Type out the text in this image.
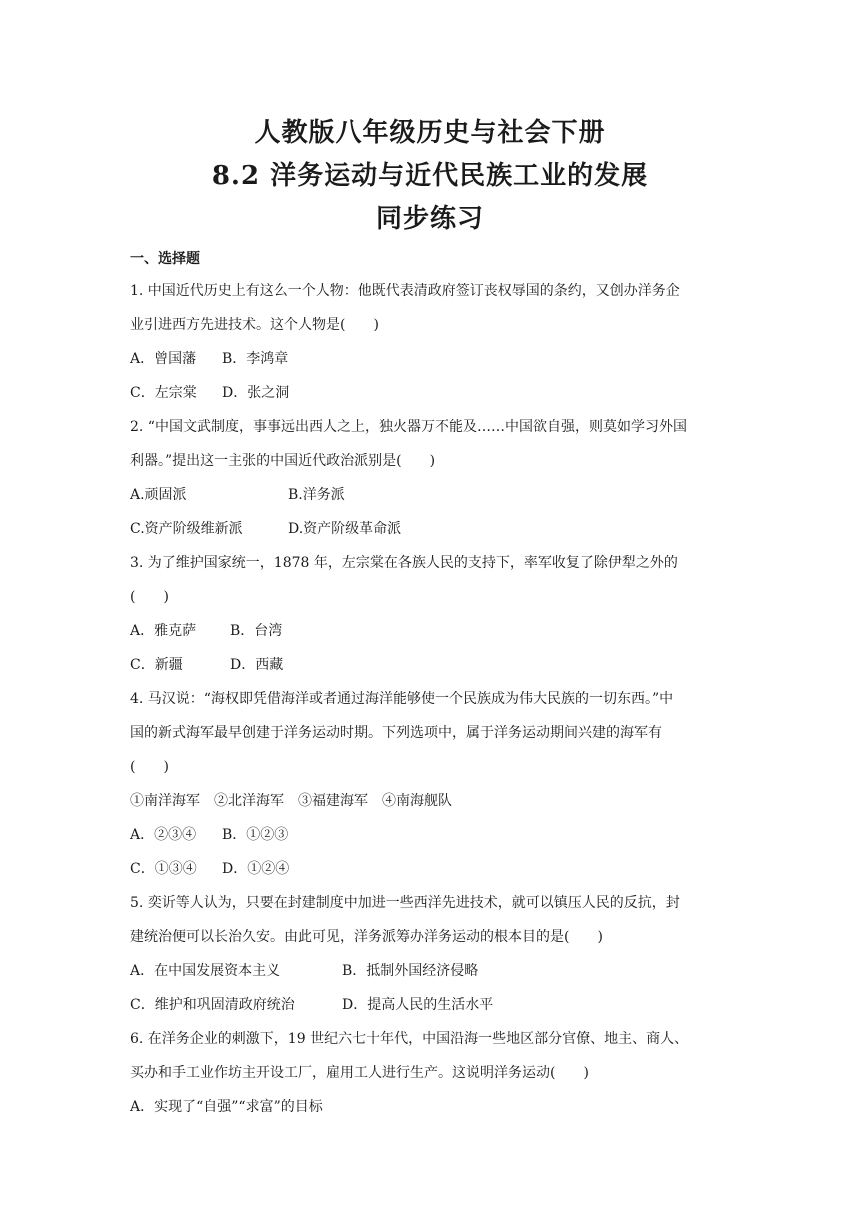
人教版八年级历史与社会下册
8.2 洋务运动与近代民族工业的发展
同步练习
一、选择题
1. 中国近代历史上有这么一个人物：他既代表清政府签订丧权辱国的条约，又创办洋务企
业引进西方先进技术。这个人物是(　　)
A．曾国藩 B．李鸿章
C．左宗棠 D．张之洞
2. “中国文武制度，事事远出西人之上，独火器万不能及……中国欲自强，则莫如学习外国
利器。”提出这一主张的中国近代政治派别是(　　)
A.顽固派	B.洋务派
C.资产阶级维新派	D.资产阶级革命派
3. 为了维护国家统一，1878 年，左宗棠在各族人民的支持下，率军收复了除伊犁之外的
(　　)
A．雅克萨 B．台湾
C．新疆	D．西藏
4. 马汉说：“海权即凭借海洋或者通过海洋能够使一个民族成为伟大民族的一切东西。”中
国的新式海军最早创建于洋务运动时期。下列选项中，属于洋务运动期间兴建的海军有
(　　)
①南洋海军　②北洋海军　③福建海军　④南海舰队
A．②③④ B．①②③
C．①③④ D．①②④
5. 奕䜣等人认为，只要在封建制度中加进一些西洋先进技术，就可以镇压人民的反抗，封
建统治便可以长治久安。由此可见，洋务派筹办洋务运动的根本目的是(　　)
A．在中国发展资本主义	B．抵制外国经济侵略
C．维护和巩固清政府统治	D．提高人民的生活水平
6. 在洋务企业的刺激下，19 世纪六七十年代，中国沿海一些地区部分官僚、地主、商人、
买办和手工业作坊主开设工厂，雇用工人进行生产。这说明洋务运动(　　)
A．实现了“自强”“求富”的目标
